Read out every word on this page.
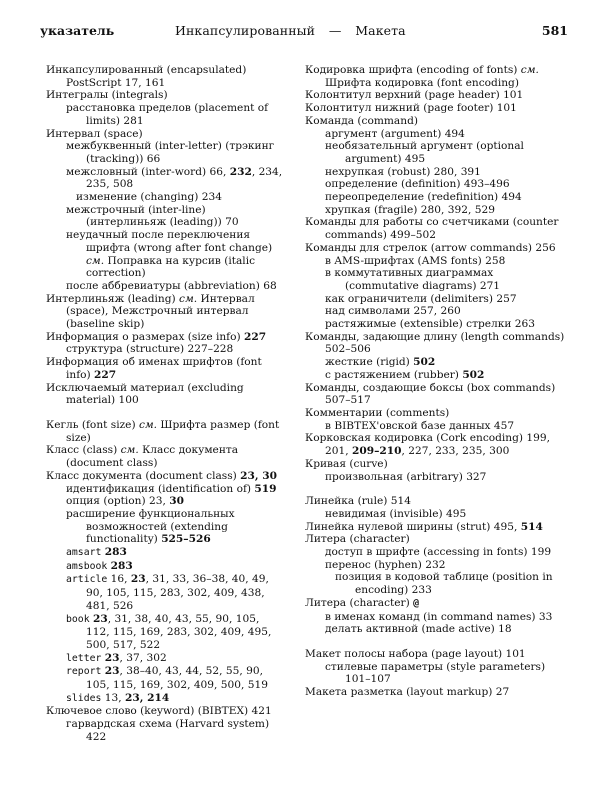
указатель	Инкапсулированный — Макета	581
Инкапсулированный (encapsulated)
PostScript 17, 161
Интегралы (integrals)
расстановка пределов (placement of limits) 281
Интервал (space)
межбуквенный (inter-letter) (трэкинг (tracking)) 66
межсловный (inter-word) 66, 232, 234, 235, 508
изменение (changing) 234
межстрочный (inter-line) (интерлиньяж (leading)) 70
неудачный после переключения шрифта (wrong after font change) см. Поправка на курсив (italic correction)
после аббревиатуры (abbreviation) 68
Интерлиньяж (leading) см. Интервал (space), Межстрочный интервал (baseline skip)
Информация о размерах (size info) 227
структура (structure) 227–228
Информация об именах шрифтов (font info) 227
Исключаемый материал (excluding material) 100
Кегль (font size) см. Шрифта размер (font size)
Класс (class) см. Класс документа (document class)
Класс документа (document class) 23, 30
идентификация (identification of) 519
опция (option) 23, 30
расширение функциональных возможностей (extending functionality) 525–526
amsart 283
amsbook 283
article 16, 23, 31, 33, 36–38, 40, 49, 90, 105, 115, 283, 302, 409, 438, 481, 526
book 23, 31, 38, 40, 43, 55, 90, 105, 112, 115, 169, 283, 302, 409, 495, 500, 517, 522
letter 23, 37, 302
report 23, 38–40, 43, 44, 52, 55, 90, 105, 115, 169, 302, 409, 500, 519
slides 13, 23, 214
Ключевое слово (keyword) (BIBTEX) 421
гарвардская схема (Harvard system) 422
Кодировка шрифта (encoding of fonts) см. Шрифта кодировка (font encoding)
Колонтитул верхний (page header) 101
Колонтитул нижний (page footer) 101
Команда (command)
аргумент (argument) 494
необязательный аргумент (optional argument) 495
нехрупкая (robust) 280, 391
определение (definition) 493–496
переопределение (redefinition) 494
хрупкая (fragile) 280, 392, 529
Команды для работы со счетчиками (counter commands) 499–502
Команды для стрелок (arrow commands) 256
в AMS-шрифтах (AMS fonts) 258
в коммутативных диаграммах (commutative diagrams) 271
как ограничители (delimiters) 257
над символами 257, 260
растяжимые (extensible) стрелки 263
Команды, задающие длину (length commands) 502–506
жесткие (rigid) 502
с растяжением (rubber) 502
Команды, создающие боксы (box commands) 507–517
Комментарии (comments)
в BIBTEX'овской базе данных 457
Корковская кодировка (Cork encoding) 199, 201, 209–210, 227, 233, 235, 300
Кривая (curve)
произвольная (arbitrary) 327
Линейка (rule) 514
невидимая (invisible) 495
Линейка нулевой ширины (strut) 495, 514
Литера (character)
доступ в шрифте (accessing in fonts) 199
перенос (hyphen) 232
позиция в кодовой таблице (position in encoding) 233
Литера (character) @
в именах команд (in command names) 33
делать активной (made active) 18
Макет полосы набора (page layout) 101
стилевые параметры (style parameters) 101–107
Макета разметка (layout markup) 27
